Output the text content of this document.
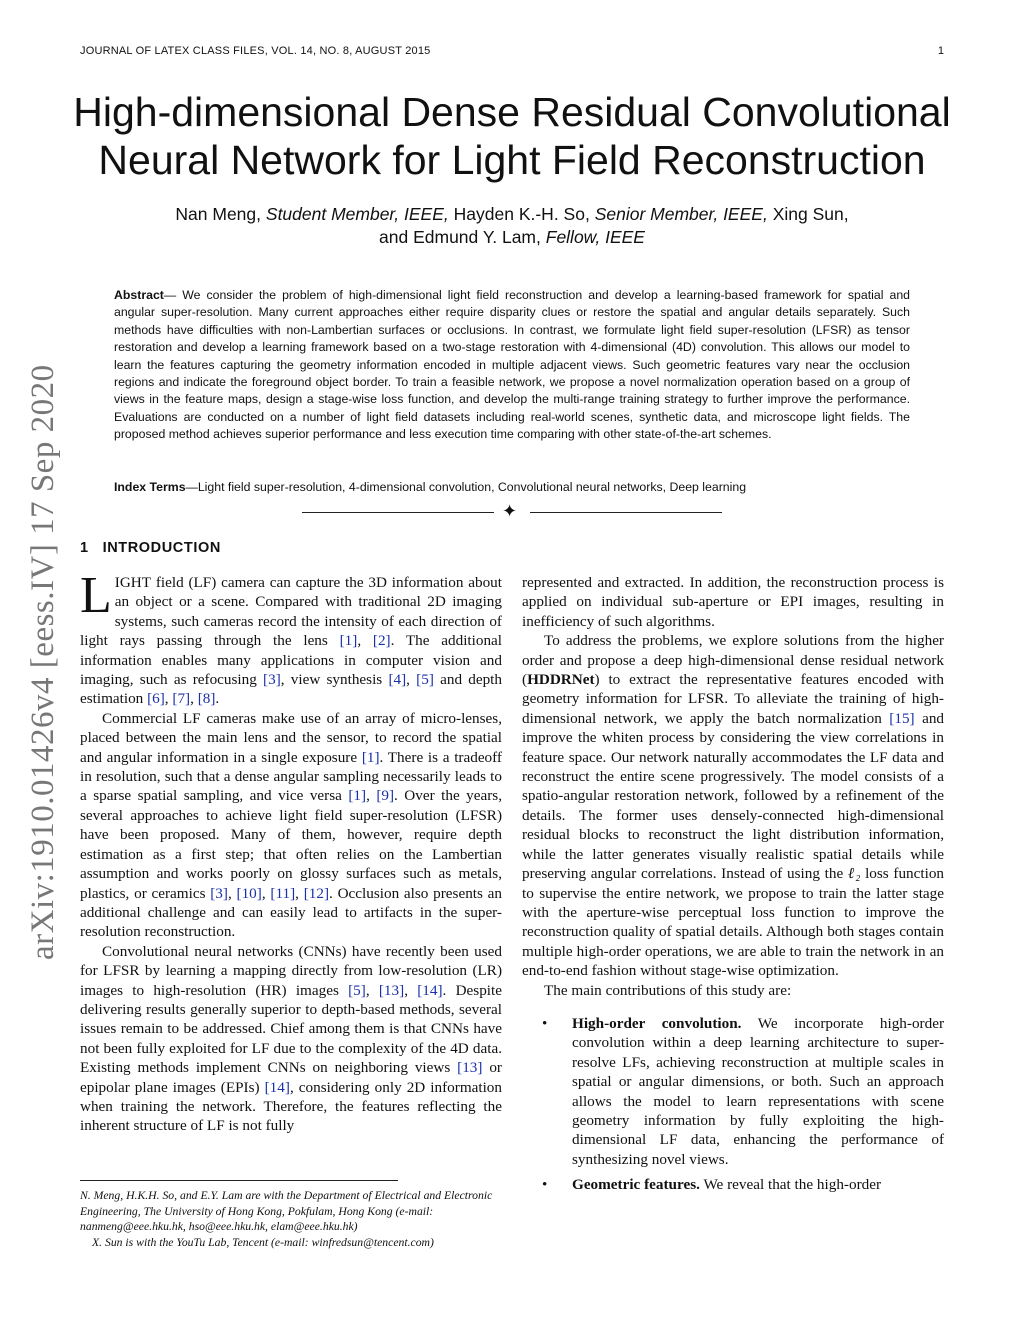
JOURNAL OF LATEX CLASS FILES, VOL. 14, NO. 8, AUGUST 2015	1
arXiv:1910.01426v4 [eess.IV] 17 Sep 2020
High-dimensional Dense Residual Convolutional
Neural Network for Light Field Reconstruction
Nan Meng, Student Member, IEEE, Hayden K.-H. So, Senior Member, IEEE, Xing Sun,
and Edmund Y. Lam, Fellow, IEEE
Abstract— We consider the problem of high-dimensional light field reconstruction and develop a learning-based framework for spatial and angular super-resolution. Many current approaches either require disparity clues or restore the spatial and angular details separately. Such methods have difficulties with non-Lambertian surfaces or occlusions. In contrast, we formulate light field super-resolution (LFSR) as tensor restoration and develop a learning framework based on a two-stage restoration with 4-dimensional (4D) convolution. This allows our model to learn the features capturing the geometry information encoded in multiple adjacent views. Such geometric features vary near the occlusion regions and indicate the foreground object border. To train a feasible network, we propose a novel normalization operation based on a group of views in the feature maps, design a stage-wise loss function, and develop the multi-range training strategy to further improve the performance. Evaluations are conducted on a number of light field datasets including real-world scenes, synthetic data, and microscope light fields. The proposed method achieves superior performance and less execution time comparing with other state-of-the-art schemes.
Index Terms—Light field super-resolution, 4-dimensional convolution, Convolutional neural networks, Deep learning
✦
1 INTRODUCTION

LIGHT field (LF) camera can capture the 3D information about an object or a scene. Compared with traditional 2D imaging systems, such cameras record the intensity of each direction of light rays passing through the lens [1], [2]. The additional information enables many applications in computer vision and imaging, such as refocusing [3], view synthesis [4], [5] and depth estimation [6], [7], [8].

Commercial LF cameras make use of an array of micro-lenses, placed between the main lens and the sensor, to record the spatial and angular information in a single exposure [1]. There is a tradeoff in resolution, such that a dense angular sampling necessarily leads to a sparse spatial sampling, and vice versa [1], [9]. Over the years, several approaches to achieve light field super-resolution (LFSR) have been proposed. Many of them, however, require depth estimation as a first step; that often relies on the Lambertian assumption and works poorly on glossy surfaces such as metals, plastics, or ceramics [3], [10], [11], [12]. Occlusion also presents an additional challenge and can easily lead to artifacts in the super-resolution reconstruction.

Convolutional neural networks (CNNs) have recently been used for LFSR by learning a mapping directly from low-resolution (LR) images to high-resolution (HR) images [5], [13], [14]. Despite delivering results generally superior to depth-based methods, several issues remain to be addressed. Chief among them is that CNNs have not been fully exploited for LF due to the complexity of the 4D data. Existing methods implement CNNs on neighboring views [13] or epipolar plane images (EPIs) [14], considering only 2D information when training the network. Therefore, the features reflecting the inherent structure of LF is not fully

N. Meng, H.K.H. So, and E.Y. Lam are with the Department of Electrical and Electronic Engineering, The University of Hong Kong, Pokfulam, Hong Kong (e-mail: nanmeng@eee.hku.hk, hso@eee.hku.hk, elam@eee.hku.hk)

X. Sun is with the YouTu Lab, Tencent (e-mail: winfredsun@tencent.com)

represented and extracted. In addition, the reconstruction process is applied on individual sub-aperture or EPI images, resulting in inefficiency of such algorithms.

To address the problems, we explore solutions from the higher order and propose a deep high-dimensional dense residual network (HDDRNet) to extract the representative features encoded with geometry information for LFSR. To alleviate the training of high-dimensional network, we apply the batch normalization [15] and improve the whiten process by considering the view correlations in feature space. Our network naturally accommodates the LF data and reconstruct the entire scene progressively. The model consists of a spatio-angular restoration network, followed by a refinement of the details. The former uses densely-connected high-dimensional residual blocks to reconstruct the light distribution information, while the latter generates visually realistic spatial details while preserving angular correlations. Instead of using the ℓ₂ loss function to supervise the entire network, we propose to train the latter stage with the aperture-wise perceptual loss function to improve the reconstruction quality of spatial details. Although both stages contain multiple high-order operations, we are able to train the network in an end-to-end fashion without stage-wise optimization.

The main contributions of this study are:

• High-order convolution. We incorporate high-order convolution within a deep learning architecture to super-resolve LFs, achieving reconstruction at multiple scales in spatial or angular dimensions, or both. Such an approach allows the model to learn representations with scene geometry information by fully exploiting the high-dimensional LF data, enhancing the performance of synthesizing novel views.
• Geometric features. We reveal that the high-order
